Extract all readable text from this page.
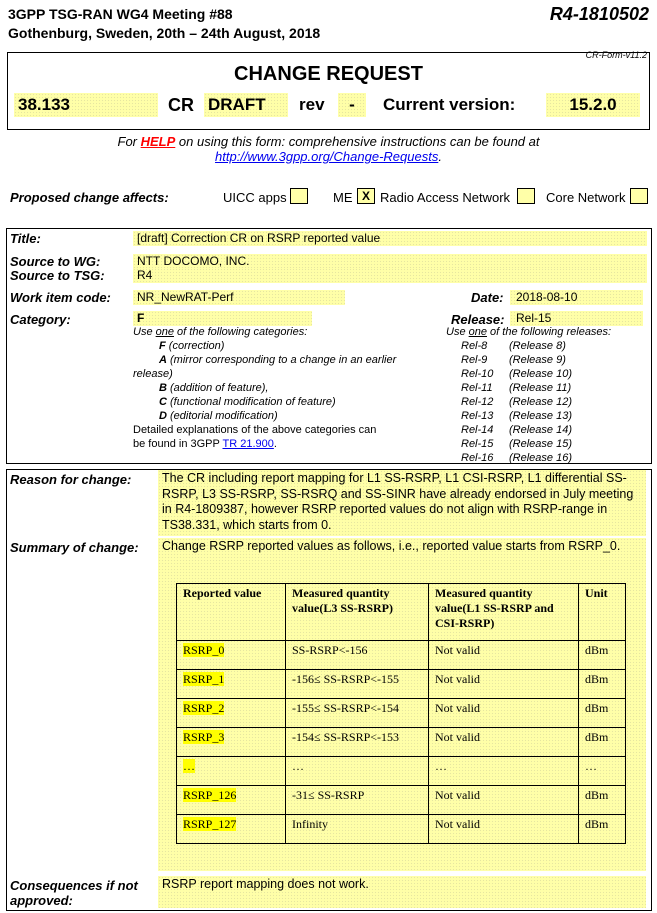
3GPP TSG-RAN WG4 Meeting #88
Gothenburg, Sweden, 20th – 24th August, 2018
R4-1810502
CR-Form-v11.2
CHANGE REQUEST
38.133	CR DRAFT	rev	-	Current version:	15.2.0
For HELP on using this form: comprehensive instructions can be found at
http://www.3gpp.org/Change-Requests.
Proposed change affects:	UICC apps	ME X Radio Access Network	Core Network
Title:	[draft] Correction CR on RSRP reported value
Source to WG:	NTT DOCOMO, INC.
Source to TSG:	R4
Work item code:	NR_NewRAT-Perf	Date:	2018-08-10
Category:	F	Release: Rel-15
Use one of the following categories:
F (correction)
A (mirror corresponding to a change in an earlier
release)
B (addition of feature),
C (functional modification of feature)
D (editorial modification)
Detailed explanations of the above categories can
be found in 3GPP TR 21.900.
Use one of the following releases:
Rel-8 (Release 8)
Rel-9 (Release 9)
Rel-10 (Release 10)
Rel-11 (Release 11)
Rel-12 (Release 12)
Rel-13 (Release 13)
Rel-14 (Release 14)
Rel-15 (Release 15)
Rel-16 (Release 16)
Reason for change:	The CR including report mapping for L1 SS-RSRP, L1 CSI-RSRP, L1 differential SS-RSRP, L3 SS-RSRP, SS-RSRQ and SS-SINR have already endorsed in July meeting in R4-1809387, however RSRP reported values do not align with RSRP-range in TS38.331, which starts from 0.
Summary of change:	Change RSRP reported values as follows, i.e., reported value starts from RSRP_0.
Reported value	Measured quantity value(L3 SS-RSRP)	Measured quantity value(L1 SS-RSRP and CSI-RSRP)	Unit
RSRP_0	SS-RSRP<-156	Not valid	dBm
RSRP_1	-156≤ SS-RSRP<-155	Not valid	dBm
RSRP_2	-155≤ SS-RSRP<-154	Not valid	dBm
RSRP_3	-154≤ SS-RSRP<-153	Not valid	dBm
…	…	…	…
RSRP_126	-31≤ SS-RSRP	Not valid	dBm
RSRP_127	Infinity	Not valid	dBm
Consequences if not
approved:
RSRP report mapping does not work.
